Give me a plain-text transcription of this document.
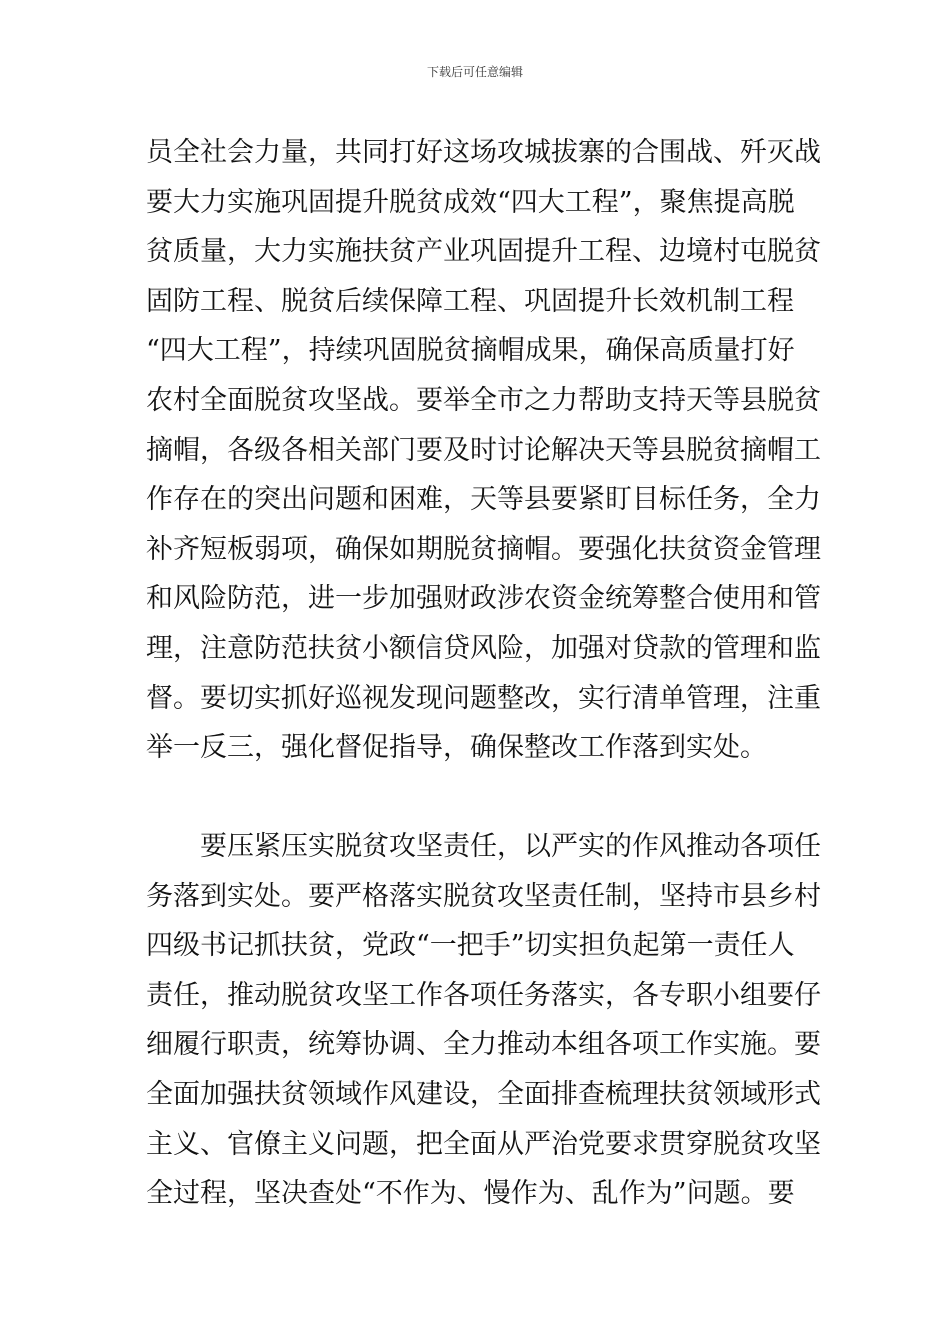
下载后可任意编辑
员全社会力量，共同打好这场攻城拔寨的合围战、歼灭战
要大力实施巩固提升脱贫成效“四大工程”，聚焦提高脱
贫质量，大力实施扶贫产业巩固提升工程、边境村屯脱贫
固防工程、脱贫后续保障工程、巩固提升长效机制工程
“四大工程”，持续巩固脱贫摘帽成果，确保高质量打好
农村全面脱贫攻坚战。要举全市之力帮助支持天等县脱贫
摘帽，各级各相关部门要及时讨论解决天等县脱贫摘帽工
作存在的突出问题和困难，天等县要紧盯目标任务，全力
补齐短板弱项，确保如期脱贫摘帽。要强化扶贫资金管理
和风险防范，进一步加强财政涉农资金统筹整合使用和管
理，注意防范扶贫小额信贷风险，加强对贷款的管理和监
督。要切实抓好巡视发现问题整改，实行清单管理，注重
举一反三，强化督促指导，确保整改工作落到实处。
　　要压紧压实脱贫攻坚责任，以严实的作风推动各项任
务落到实处。要严格落实脱贫攻坚责任制，坚持市县乡村
四级书记抓扶贫，党政“一把手”切实担负起第一责任人
责任，推动脱贫攻坚工作各项任务落实，各专职小组要仔
细履行职责，统筹协调、全力推动本组各项工作实施。要
全面加强扶贫领域作风建设，全面排查梳理扶贫领域形式
主义、官僚主义问题，把全面从严治党要求贯穿脱贫攻坚
全过程，坚决查处“不作为、慢作为、乱作为”问题。要
